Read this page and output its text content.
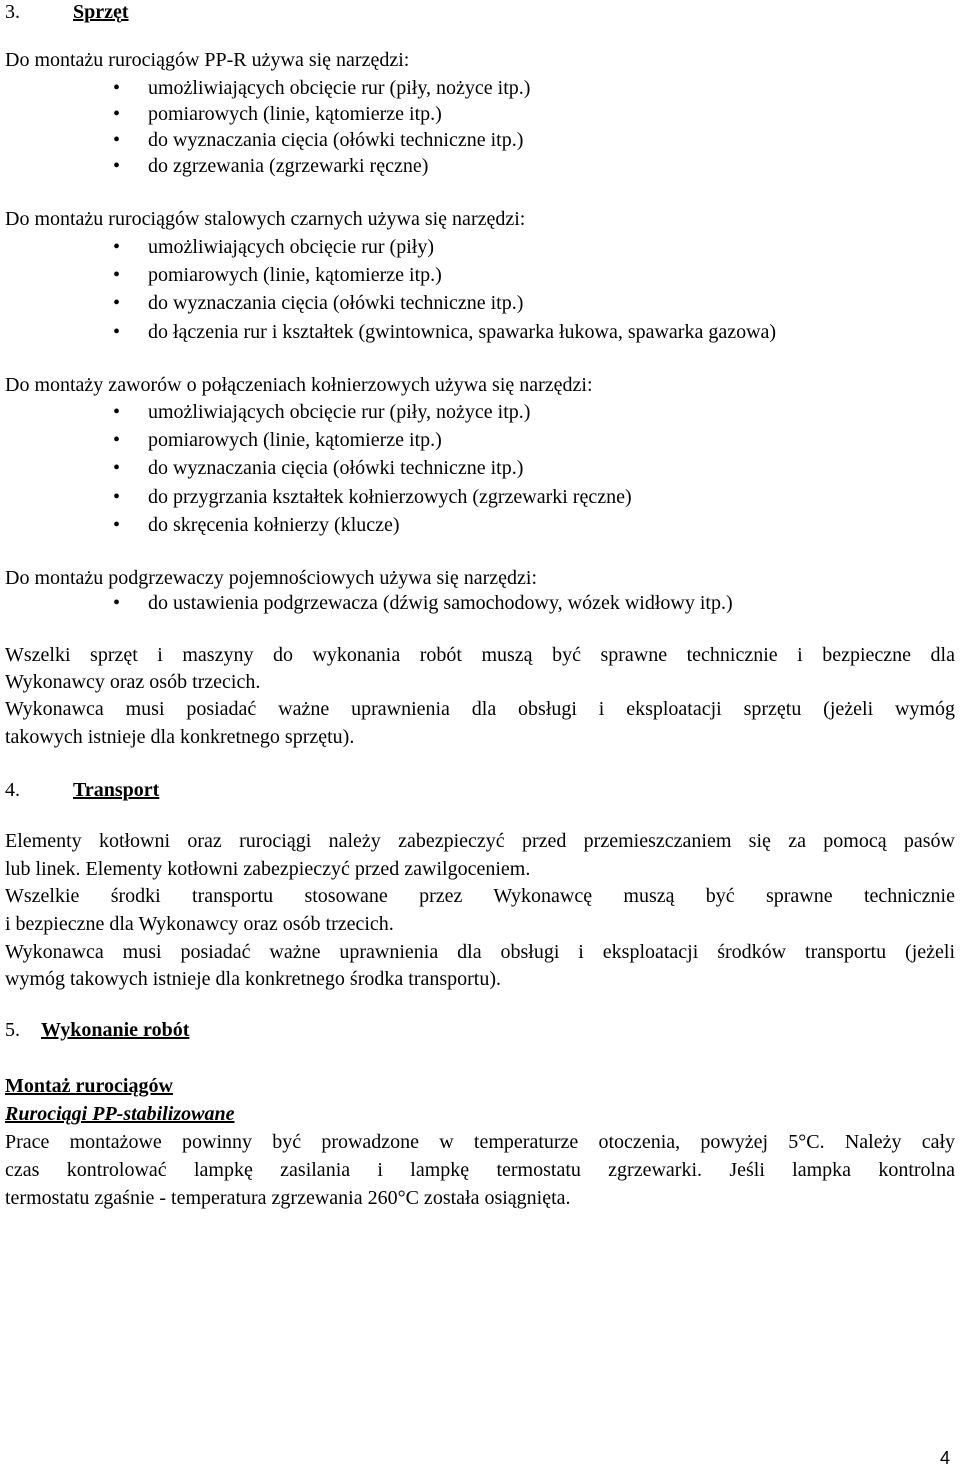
3.	Sprzęt
Do montażu rurociągów PP-R używa się narzędzi:
• umożliwiających obcięcie rur (piły, nożyce itp.)
• pomiarowych (linie, kątomierze itp.)
• do wyznaczania cięcia (ołówki techniczne itp.)
• do zgrzewania (zgrzewarki ręczne)
Do montażu rurociągów stalowych czarnych używa się narzędzi:
• umożliwiających obcięcie rur (piły)
• pomiarowych (linie, kątomierze itp.)
• do wyznaczania cięcia (ołówki techniczne itp.)
• do łączenia rur i kształtek (gwintownica, spawarka łukowa, spawarka gazowa)
Do montaży zaworów o połączeniach kołnierzowych używa się narzędzi:
• umożliwiających obcięcie rur (piły, nożyce itp.)
• pomiarowych (linie, kątomierze itp.)
• do wyznaczania cięcia (ołówki techniczne itp.)
• do przygrzania kształtek kołnierzowych (zgrzewarki ręczne)
• do skręcenia kołnierzy (klucze)
Do montażu podgrzewaczy pojemnościowych używa się narzędzi:
• do ustawienia podgrzewacza (dźwig samochodowy, wózek widłowy itp.)
Wszelki sprzęt i maszyny do wykonania robót muszą być sprawne technicznie i bezpieczne dla
Wykonawcy oraz osób trzecich.
Wykonawca musi posiadać ważne uprawnienia dla obsługi i eksploatacji sprzętu (jeżeli wymóg
takowych istnieje dla konkretnego sprzętu).
4.	Transport
Elementy kotłowni oraz rurociągi należy zabezpieczyć przed przemieszczaniem się za pomocą pasów
lub linek. Elementy kotłowni zabezpieczyć przed zawilgoceniem.
Wszelkie środki transportu stosowane przez Wykonawcę muszą być sprawne technicznie
i bezpieczne dla Wykonawcy oraz osób trzecich.
Wykonawca musi posiadać ważne uprawnienia dla obsługi i eksploatacji środków transportu (jeżeli
wymóg takowych istnieje dla konkretnego środka transportu).
5. Wykonanie robót
Montaż rurociągów
Rurociągi PP-stabilizowane
Prace montażowe powinny być prowadzone w temperaturze otoczenia, powyżej 5°C. Należy cały
czas kontrolować lampkę zasilania i lampkę termostatu zgrzewarki. Jeśli lampka kontrolna
termostatu zgaśnie - temperatura zgrzewania 260°C została osiągnięta.
4
